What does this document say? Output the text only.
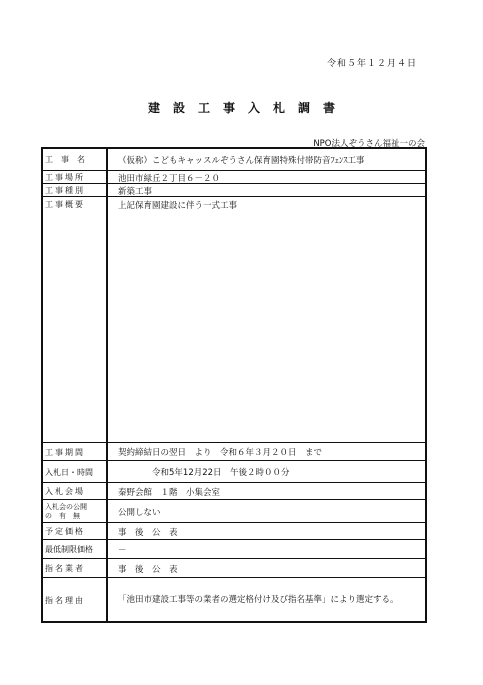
令和５年１２月４日
建設工事入札調書
NPO法人ぞうさん福祉一の会
工　事　名	（仮称）こどもキャッスルぞうさん保育園特殊付帯防音ﾌｪﾝｽ工事
工事場所	池田市緑丘２丁目６－２０
工事種別	新築工事
工事概要	上記保育園建設に伴う一式工事
工事期間	契約締結日の翌日　より　令和６年３月２０日　まで
入札日・時間	令和5年12月22日　午後２時００分
入札会場	秦野会館　１階　小集会室
入札会の公開
の　有　無	公開しない
予定価格	事　後　公　表
最低制限価格	－
指名業者	事　後　公　表
指名理由	「池田市建設工事等の業者の選定格付け及び指名基準」により選定する。
